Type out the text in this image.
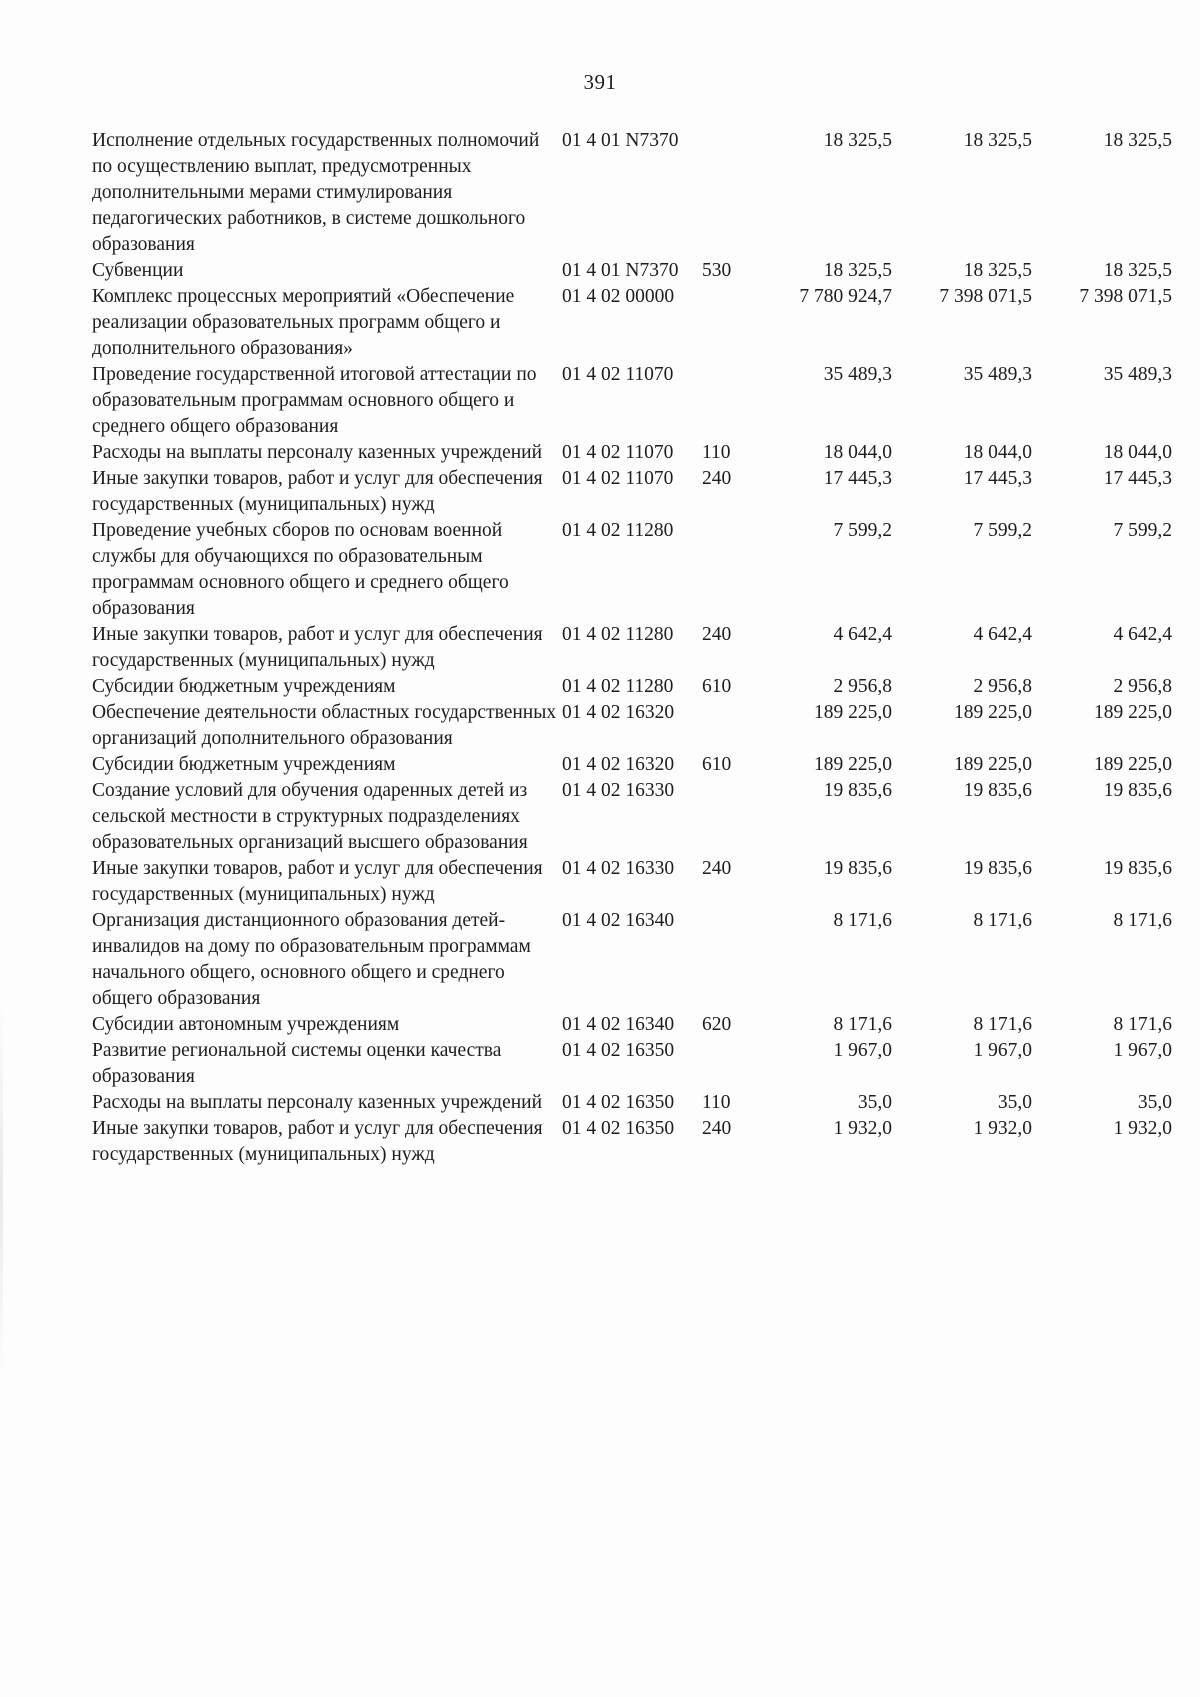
391
Исполнение отдельных государственных полномочий по осуществлению выплат, предусмотренных дополнительными мерами стимулирования педагогических работников, в системе дошкольного образования	01 4 01 N7370		18 325,5	18 325,5	18 325,5
Субвенции	01 4 01 N7370	530	18 325,5	18 325,5	18 325,5
Комплекс процессных мероприятий «Обеспечение реализации образовательных программ общего и дополнительного образования»	01 4 02 00000		7 780 924,7	7 398 071,5	7 398 071,5
Проведение государственной итоговой аттестации по образовательным программам основного общего и среднего общего образования	01 4 02 11070		35 489,3	35 489,3	35 489,3
Расходы на выплаты персоналу казенных учреждений	01 4 02 11070	110	18 044,0	18 044,0	18 044,0
Иные закупки товаров, работ и услуг для обеспечения государственных (муниципальных) нужд	01 4 02 11070	240	17 445,3	17 445,3	17 445,3
Проведение учебных сборов по основам военной службы для обучающихся по образовательным программам основного общего и среднего общего образования	01 4 02 11280		7 599,2	7 599,2	7 599,2
Иные закупки товаров, работ и услуг для обеспечения государственных (муниципальных) нужд	01 4 02 11280	240	4 642,4	4 642,4	4 642,4
Субсидии бюджетным учреждениям	01 4 02 11280	610	2 956,8	2 956,8	2 956,8
Обеспечение деятельности областных государственных организаций дополнительного образования	01 4 02 16320		189 225,0	189 225,0	189 225,0
Субсидии бюджетным учреждениям	01 4 02 16320	610	189 225,0	189 225,0	189 225,0
Создание условий для обучения одаренных детей из сельской местности в структурных подразделениях образовательных организаций высшего образования	01 4 02 16330		19 835,6	19 835,6	19 835,6
Иные закупки товаров, работ и услуг для обеспечения государственных (муниципальных) нужд	01 4 02 16330	240	19 835,6	19 835,6	19 835,6
Организация дистанционного образования детей-инвалидов на дому по образовательным программам начального общего, основного общего и среднего общего образования	01 4 02 16340		8 171,6	8 171,6	8 171,6
Субсидии автономным учреждениям	01 4 02 16340	620	8 171,6	8 171,6	8 171,6
Развитие региональной системы оценки качества образования	01 4 02 16350		1 967,0	1 967,0	1 967,0
Расходы на выплаты персоналу казенных учреждений	01 4 02 16350	110	35,0	35,0	35,0
Иные закупки товаров, работ и услуг для обеспечения государственных (муниципальных) нужд	01 4 02 16350	240	1 932,0	1 932,0	1 932,0
